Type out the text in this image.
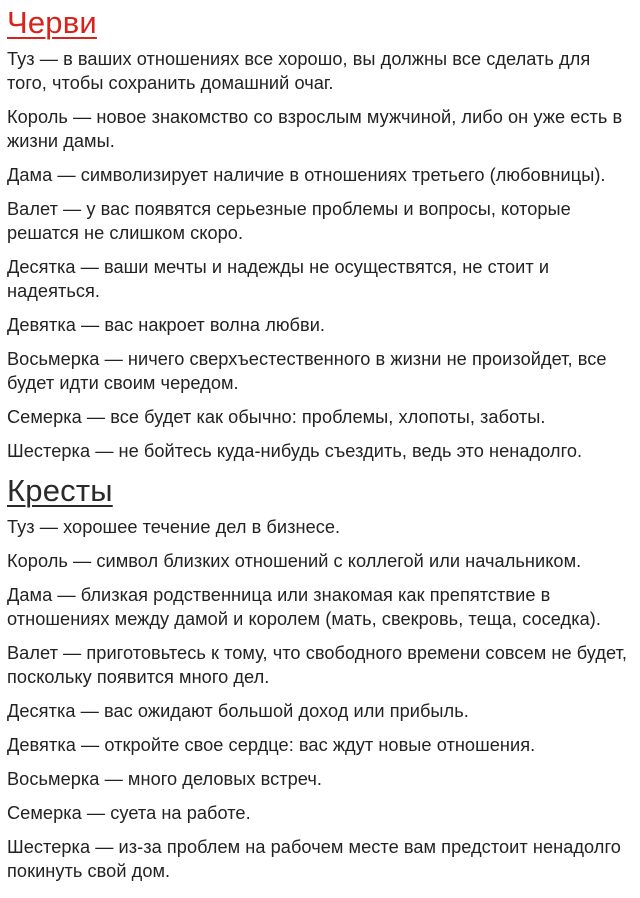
Черви

Туз — в ваших отношениях все хорошо, вы должны все сделать для того, чтобы сохранить домашний очаг.

Король — новое знакомство со взрослым мужчиной, либо он уже есть в жизни дамы.

Дама — символизирует наличие в отношениях третьего (любовницы).

Валет — у вас появятся серьезные проблемы и вопросы, которые решатся не слишком скоро.

Десятка — ваши мечты и надежды не осуществятся, не стоит и надеяться.

Девятка — вас накроет волна любви.

Восьмерка — ничего сверхъестественного в жизни не произойдет, все будет идти своим чередом.

Семерка — все будет как обычно: проблемы, хлопоты, заботы.

Шестерка — не бойтесь куда-нибудь съездить, ведь это ненадолго.

Кресты

Туз — хорошее течение дел в бизнесе.

Король — символ близких отношений с коллегой или начальником.

Дама — близкая родственница или знакомая как препятствие в отношениях между дамой и королем (мать, свекровь, теща, соседка).

Валет — приготовьтесь к тому, что свободного времени совсем не будет, поскольку появится много дел.

Десятка — вас ожидают большой доход или прибыль.

Девятка — откройте свое сердце: вас ждут новые отношения.

Восьмерка — много деловых встреч.

Семерка — суета на работе.

Шестерка — из-за проблем на рабочем месте вам предстоит ненадолго покинуть свой дом.
